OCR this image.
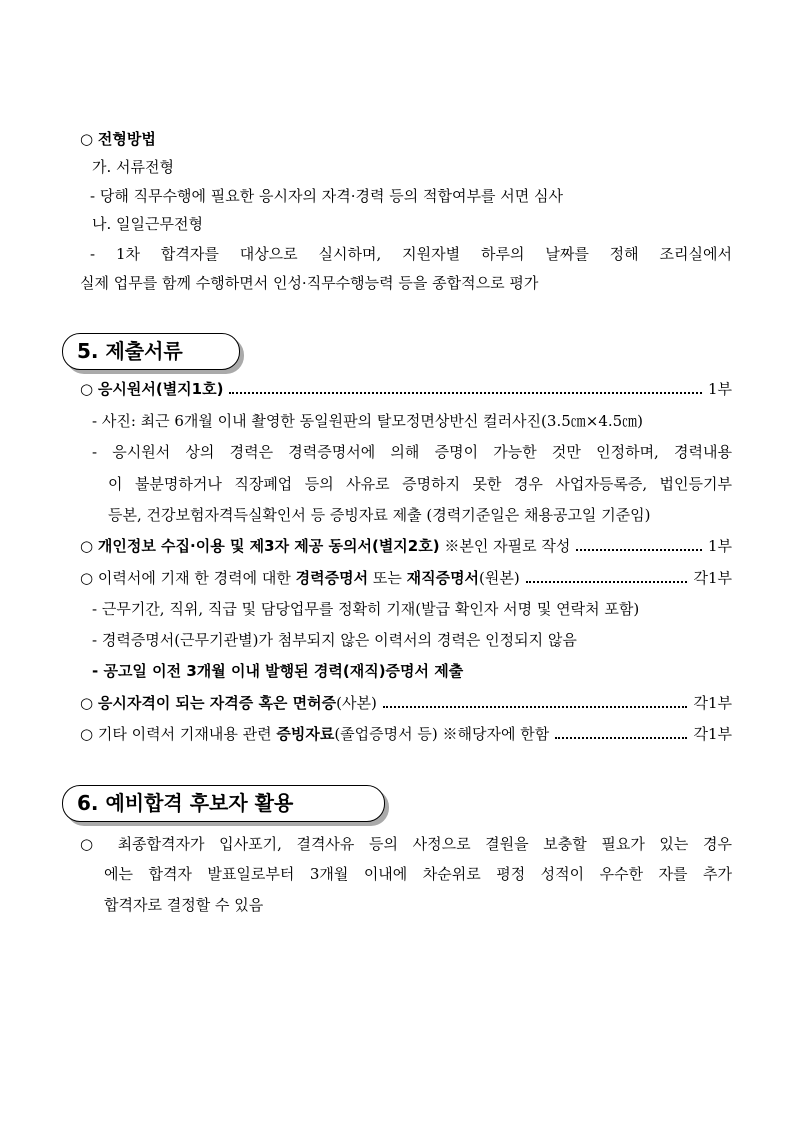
○ 전형방법
가. 서류전형
- 당해 직무수행에 필요한 응시자의 자격·경력 등의 적합여부를 서면 심사
나. 일일근무전형
- 1차 합격자를 대상으로 실시하며, 지원자별 하루의 날짜를 정해 조리실에서
실제 업무를 함께 수행하면서 인성·직무수행능력 등을 종합적으로 평가
5. 제출서류
○
응시원서(별지1호)	1부
- 사진: 최근 6개월 이내 촬영한 동일원판의 탈모정면상반신 컬러사진(3.5㎝×4.5㎝)
- 응시원서 상의 경력은 경력증명서에 의해 증명이 가능한 것만 인정하며, 경력내용
이 불분명하거나 직장폐업 등의 사유로 증명하지 못한 경우 사업자등록증, 법인등기부
등본, 건강보험자격득실확인서 등 증빙자료 제출 (경력기준일은 채용공고일 기준임)
○
개인정보 수집·이용 및 제3자 제공 동의서(별지2호) ※본인 자필로 작성	1부
○
이력서에 기재 한 경력에 대한 경력증명서 또는 재직증명서 (원본)	각1부
- 근무기간, 직위, 직급 및 담당업무를 정확히 기재(발급 확인자 서명 및 연락처 포함)
- 경력증명서(근무기관별)가 첨부되지 않은 이력서의 경력은 인정되지 않음
- 공고일 이전 3개월 이내 발행된 경력(재직)증명서 제출
○
응시자격이 되는 자격증 혹은 면허증 (사본)	각1부
○
기타 이력서 기재내용 관련 증빙자료 (졸업증명서 등) ※해당자에 한함	각1부
6. 예비합격 후보자 활용
○ 최종합격자가 입사포기, 결격사유 등의 사정으로 결원을 보충할 필요가 있는 경우
에는 합격자 발표일로부터 3개월 이내에 차순위로 평정 성적이 우수한 자를 추가
합격자로 결정할 수 있음
